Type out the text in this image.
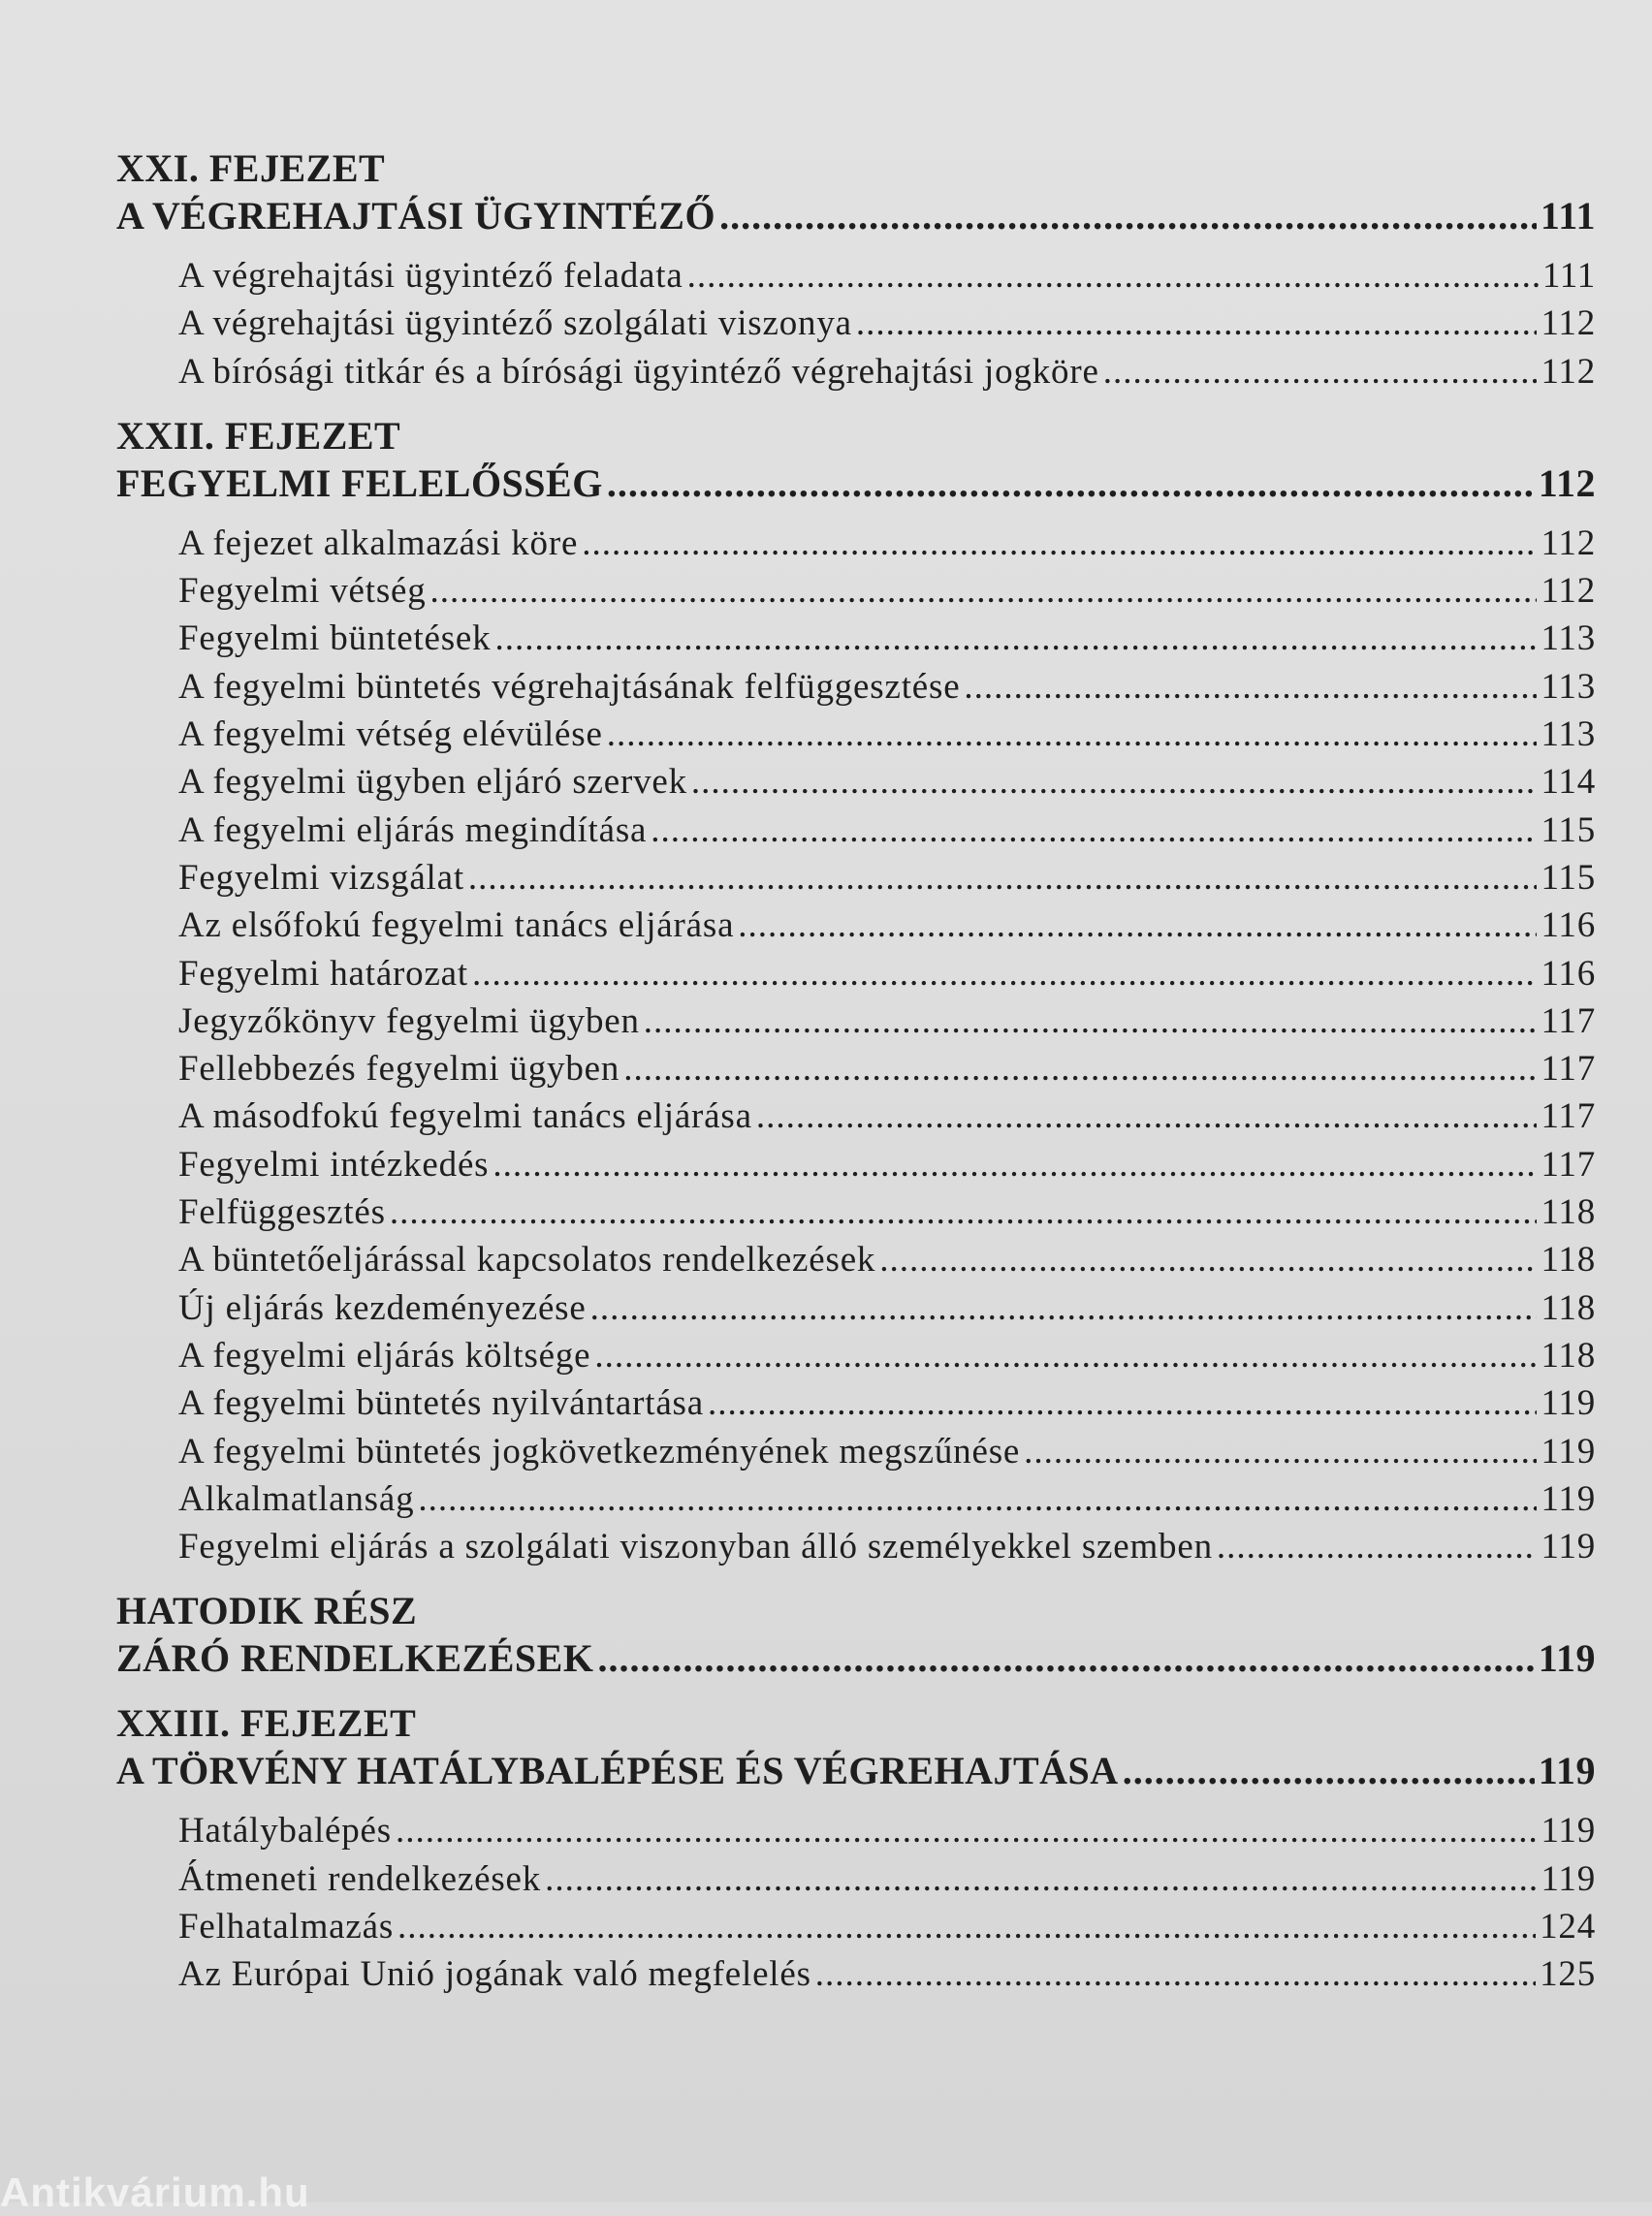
XXI. FEJEZET
A VÉGREHAJTÁSI ÜGYINTÉZŐ .....	111
A végrehajtási ügyintéző feladata .....	111
A végrehajtási ügyintéző szolgálati viszonya .....	112
A bírósági titkár és a bírósági ügyintéző végrehajtási jogköre .....	112
XXII. FEJEZET
FEGYELMI FELELŐSSÉG .....	112
A fejezet alkalmazási köre .....	112
Fegyelmi vétség .....	112
Fegyelmi büntetések .....	113
A fegyelmi büntetés végrehajtásának felfüggesztése .....	113
A fegyelmi vétség elévülése .....	113
A fegyelmi ügyben eljáró szervek .....	114
A fegyelmi eljárás megindítása .....	115
Fegyelmi vizsgálat .....	115
Az elsőfokú fegyelmi tanács eljárása .....	116
Fegyelmi határozat .....	116
Jegyzőkönyv fegyelmi ügyben .....	117
Fellebbezés fegyelmi ügyben .....	117
A másodfokú fegyelmi tanács eljárása .....	117
Fegyelmi intézkedés .....	117
Felfüggesztés .....	118
A büntetőeljárással kapcsolatos rendelkezések .....	118
Új eljárás kezdeményezése .....	118
A fegyelmi eljárás költsége .....	118
A fegyelmi büntetés nyilvántartása .....	119
A fegyelmi büntetés jogkövetkezményének megszűnése .....	119
Alkalmatlanság .....	119
Fegyelmi eljárás a szolgálati viszonyban álló személyekkel szemben .....	119
HATODIK RÉSZ
ZÁRÓ RENDELKEZÉSEK .....	119
XXIII. FEJEZET
A TÖRVÉNY HATÁLYBALÉPÉSE ÉS VÉGREHAJTÁSA .....	119
Hatálybalépés .....	119
Átmeneti rendelkezések .....	119
Felhatalmazás .....	124
Az Európai Unió jogának való megfelelés .....	125
Antikvárium.hu
